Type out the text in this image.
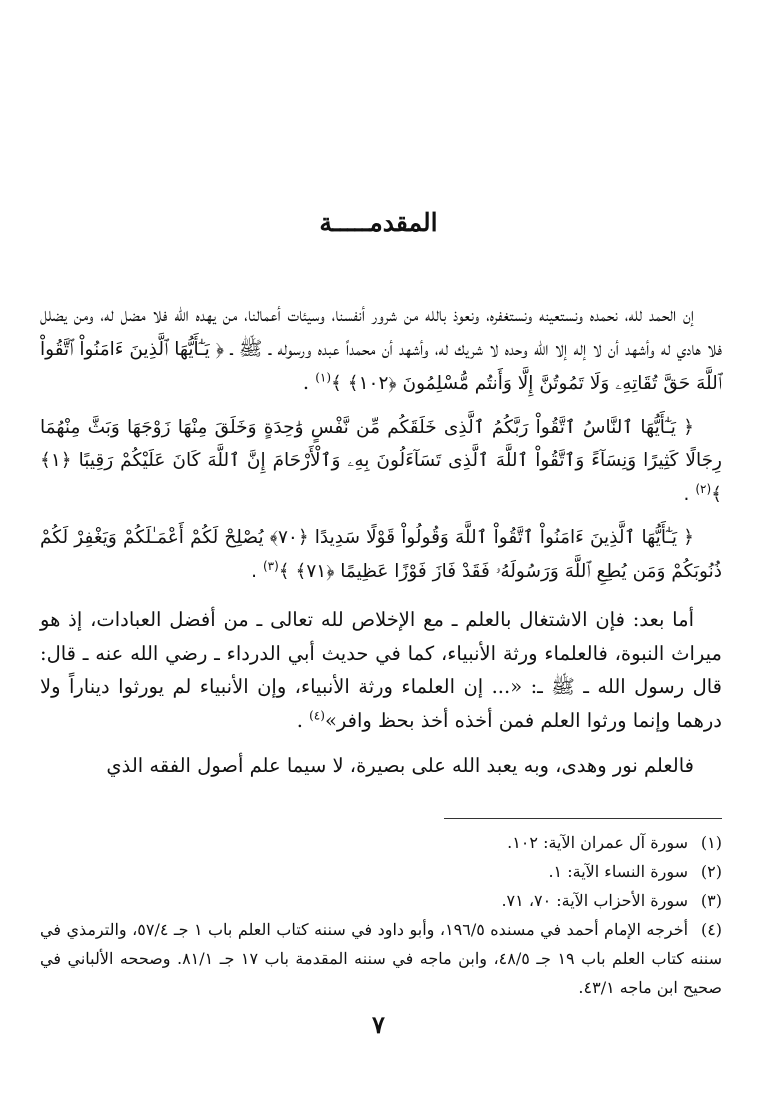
المقدمـــــة

إن الحمد لله، نحمده ونستعينه ونستغفره، ونعوذ بالله من شرور أنفسنا، وسيئات أعمالنا، من يهده الله فلا مضل له، ومن يضلل فلا هادي له وأشهد أن لا إله إلا الله وحده لا شريك له، وأشهد أن محمداً عبده ورسوله ـ ﷺ ـ ﴿ يَـٰٓأَيُّهَا ٱلَّذِينَ ءَامَنُواْ ٱتَّقُواْ ٱللَّهَ حَقَّ تُقَاتِهِۦ وَلَا تَمُوتُنَّ إِلَّا وَأَنتُم مُّسْلِمُونَ ﴿١٠٢﴾ ﴾$^{(١)}$ .

﴿ يَـٰٓأَيُّهَا ٱلنَّاسُ ٱتَّقُواْ رَبَّكُمُ ٱلَّذِى خَلَقَكُم مِّن نَّفْسٍ وَٰحِدَةٍ وَخَلَقَ مِنْهَا زَوْجَهَا وَبَثَّ مِنْهُمَا رِجَالًا كَثِيرًا وَنِسَآءً وَٱتَّقُواْ ٱللَّهَ ٱلَّذِى تَسَآءَلُونَ بِهِۦ وَٱلْأَرْحَامَ إِنَّ ٱللَّهَ كَانَ عَلَيْكُمْ رَقِيبًا ﴿١﴾ ﴾$^{(٢)}$ .

﴿ يَـٰٓأَيُّهَا ٱلَّذِينَ ءَامَنُواْ ٱتَّقُواْ ٱللَّهَ وَقُولُواْ قَوْلًا سَدِيدًا ﴿٧٠﴾ يُصْلِحْ لَكُمْ أَعْمَـٰلَكُمْ وَيَغْفِرْ لَكُمْ ذُنُوبَكُمْ وَمَن يُطِعِ ٱللَّهَ وَرَسُولَهُۥ فَقَدْ فَازَ فَوْزًا عَظِيمًا ﴿٧١﴾ ﴾$^{(٣)}$ .

أما بعد: فإن الاشتغال بالعلم ـ مع الإخلاص لله تعالى ـ من أفضل العبادات، إذ هو ميراث النبوة، فالعلماء ورثة الأنبياء، كما في حديث أبي الدرداء ـ رضي الله عنه ـ قال: قال رسول الله ـ ﷺ ـ: «... إن العلماء ورثة الأنبياء، وإن الأنبياء لم يورثوا ديناراً ولا درهما وإنما ورثوا العلم فمن أخذه أخذ بحظ وافر»$^{(٤)}$ .

فالعلم نور وهدى، وبه يعبد الله على بصيرة، لا سيما علم أصول الفقه الذي

(١)سورة آل عمران الآية: ١٠٢.

(٢)سورة النساء الآية: ١.

(٣)سورة الأحزاب الآية: ٧٠، ٧١.

(٤)أخرجه الإمام أحمد في مسنده ١٩٦/٥، وأبو داود في سننه كتاب العلم باب ١ جـ ٥٧/٤، والترمذي في سننه كتاب العلم باب ١٩ جـ ٤٨/٥، وابن ماجه في سننه المقدمة باب ١٧ جـ ٨١/١. وصححه الألباني في صحيح ابن ماجه ٤٣/١.

٧
